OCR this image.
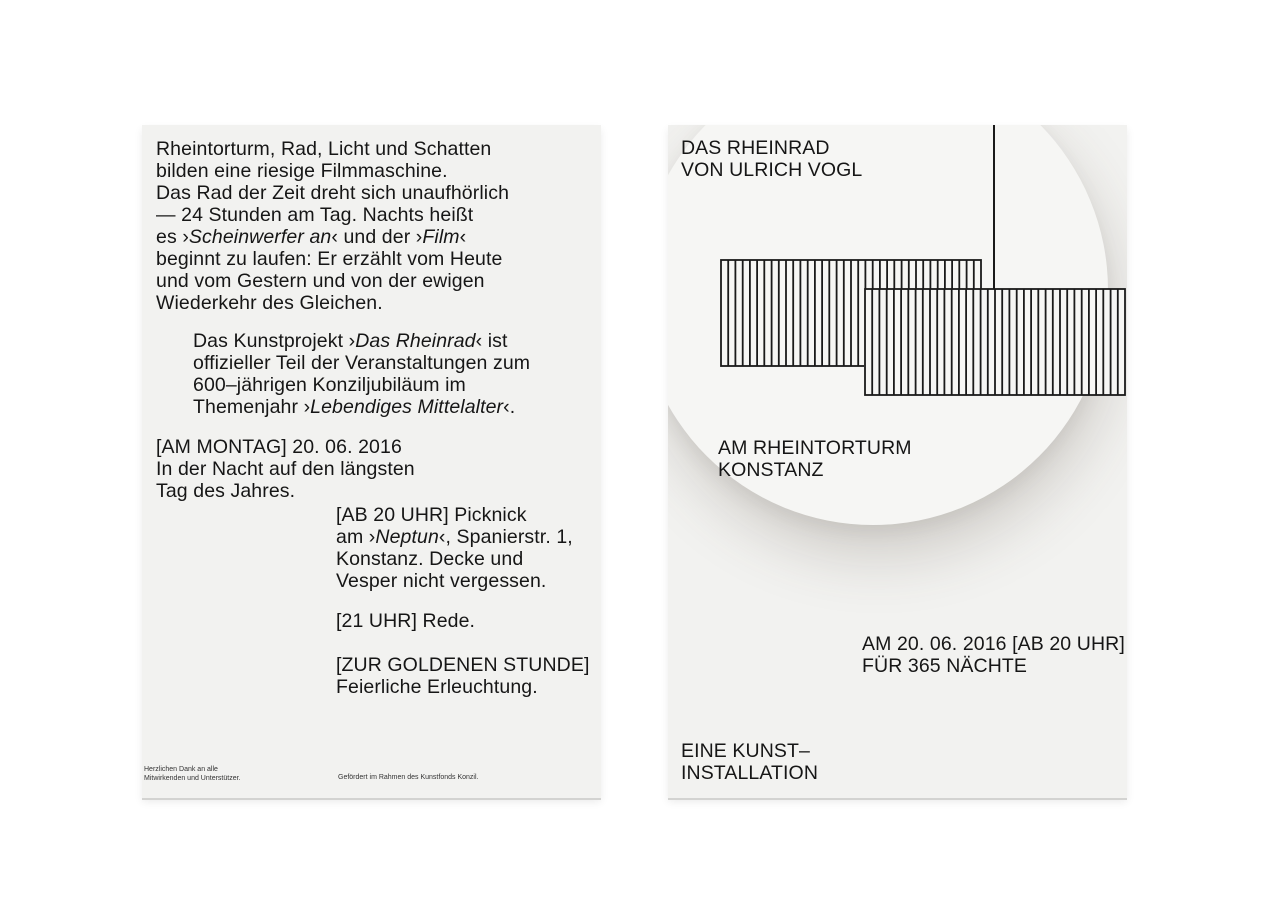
Rheintorturm, Rad, Licht und Schatten

bilden eine riesige Filmmaschine.

Das Rad der Zeit dreht sich unaufhörlich

— 24 Stunden am Tag. Nachts heißt

es ›Scheinwerfer an‹ und der ›Film‹

beginnt zu laufen: Er erzählt vom Heute

und vom Gestern und von der ewigen

Wiederkehr des Gleichen.

Das Kunstprojekt ›Das Rheinrad‹ ist

offizieller Teil der Veranstaltungen zum

600–jährigen Konziljubiläum im

Themenjahr ›Lebendiges Mittelalter‹.

[AM MONTAG] 20. 06. 2016

In der Nacht auf den längsten

Tag des Jahres.

[AB 20 UHR] Picknick

am ›Neptun‹, Spanierstr. 1,

Konstanz. Decke und

Vesper nicht vergessen.

[21 UHR] Rede.

[ZUR GOLDENEN STUNDE]

Feierliche Erleuchtung.

Herzlichen Dank an alle
Mitwirkenden und Unterstützer.	Gefördert im Rahmen des Kunstfonds Konzil.

DAS RHEINRAD

VON ULRICH VOGL

AM RHEINTORTURM

KONSTANZ

AM 20. 06. 2016 [AB 20 UHR]

FÜR 365 NÄCHTE

EINE KUNST–

INSTALLATION
